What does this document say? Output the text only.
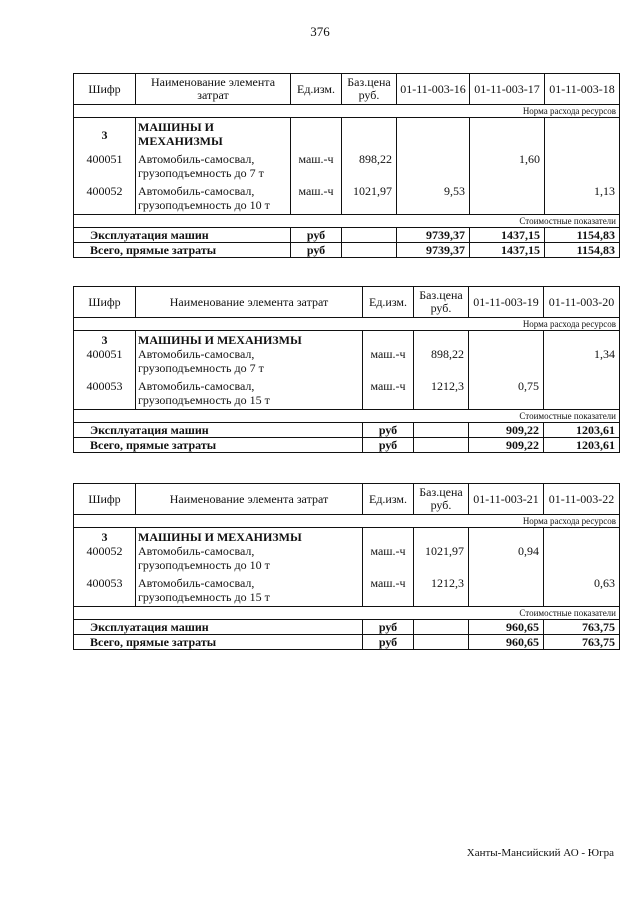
376
Шифр	Наименование элемента затрат	Ед.изм.	Баз.цена руб.	01-11-003-16	01-11-003-17	01-11-003-18
Норма расхода ресурсов						
3	МАШИНЫ И МЕХАНИЗМЫ					
400051	Автомобиль-самосвал,
грузоподъемность до 7 т	маш.-ч	898,22		1,60	
400052	Автомобиль-самосвал,
грузоподъемность до 10 т	маш.-ч	1021,97	9,53		1,13
Стоимостные показатели						
Эксплуатация машин		руб		9739,37	1437,15	1154,83
Всего, прямые затраты		руб		9739,37	1437,15	1154,83
Шифр	Наименование элемента затрат	Ед.изм.	Баз.цена руб.	01-11-003-19	01-11-003-20
Норма расхода ресурсов					
3	МАШИНЫ И МЕХАНИЗМЫ				
400051	Автомобиль-самосвал,
грузоподъемность до 7 т	маш.-ч	898,22		1,34
400053	Автомобиль-самосвал,
грузоподъемность до 15 т	маш.-ч	1212,3	0,75	
Стоимостные показатели					
Эксплуатация машин		руб		909,22	1203,61
Всего, прямые затраты		руб		909,22	1203,61
Шифр	Наименование элемента затрат	Ед.изм.	Баз.цена руб.	01-11-003-21	01-11-003-22
Норма расхода ресурсов					
3	МАШИНЫ И МЕХАНИЗМЫ				
400052	Автомобиль-самосвал,
грузоподъемность до 10 т	маш.-ч	1021,97	0,94	
400053	Автомобиль-самосвал,
грузоподъемность до 15 т	маш.-ч	1212,3		0,63
Стоимостные показатели					
Эксплуатация машин		руб		960,65	763,75
Всего, прямые затраты		руб		960,65	763,75
Ханты-Мансийский АО - Югра
